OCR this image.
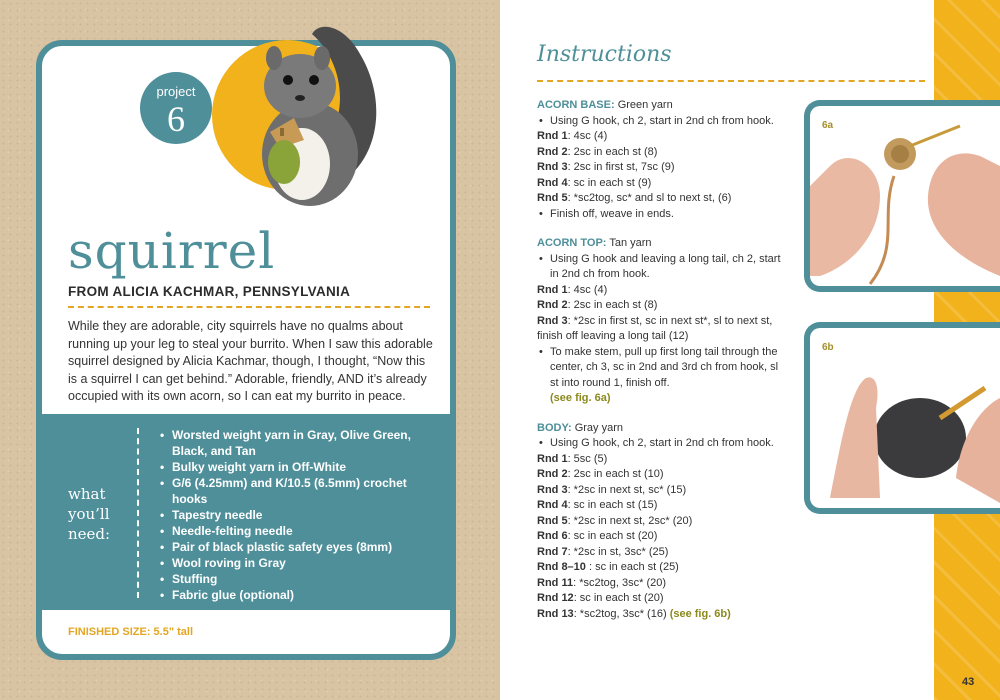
project
6
squirrel
FROM ALICIA KACHMAR, PENNSYLVANIA
While they are adorable, city squirrels have no qualms about running up your leg to steal your burrito. When I saw this adorable squirrel designed by Alicia Kachmar, though, I thought, “Now this is a squirrel I can get behind.” Adorable, friendly, AND it’s already occupied with its own acorn, so I can eat my burrito in peace.
what you’ll need:
• Worsted weight yarn in Gray, Olive Green, Black, and Tan
• Bulky weight yarn in Off-White
• G/6 (4.25mm) and K/10.5 (6.5mm) crochet hooks
• Tapestry needle
• Needle-felting needle
• Pair of black plastic safety eyes (8mm)
• Wool roving in Gray
• Stuffing
• Fabric glue (optional)
FINISHED SIZE: 5.5" tall
Instructions
ACORN BASE: Green yarn
• Using G hook, ch 2, start in 2nd ch from hook.
Rnd 1: 4sc (4)
Rnd 2: 2sc in each st (8)
Rnd 3: 2sc in first st, 7sc (9)
Rnd 4: sc in each st (9)
Rnd 5: *sc2tog, sc* and sl to next st, (6)
• Finish off, weave in ends.
ACORN TOP: Tan yarn
• Using G hook and leaving a long tail, ch 2, start in 2nd ch from hook.
Rnd 1: 4sc (4)
Rnd 2: 2sc in each st (8)
Rnd 3: *2sc in first st, sc in next st*, sl to next st, finish off leaving a long tail (12)
• To make stem, pull up first long tail through the center, ch 3, sc in 2nd and 3rd ch from hook, sl st into round 1, finish off.
(see fig. 6a)
BODY: Gray yarn
• Using G hook, ch 2, start in 2nd ch from hook.
Rnd 1: 5sc (5)
Rnd 2: 2sc in each st (10)
Rnd 3: *2sc in next st, sc* (15)
Rnd 4: sc in each st (15)
Rnd 5: *2sc in next st, 2sc* (20)
Rnd 6: sc in each st (20)
Rnd 7: *2sc in st, 3sc* (25)
Rnd 8–10 : sc in each st (25)
Rnd 11: *sc2tog, 3sc* (20)
Rnd 12: sc in each st (20)
Rnd 13: *sc2tog, 3sc* (16) (see fig. 6b)
6a
6b
43
